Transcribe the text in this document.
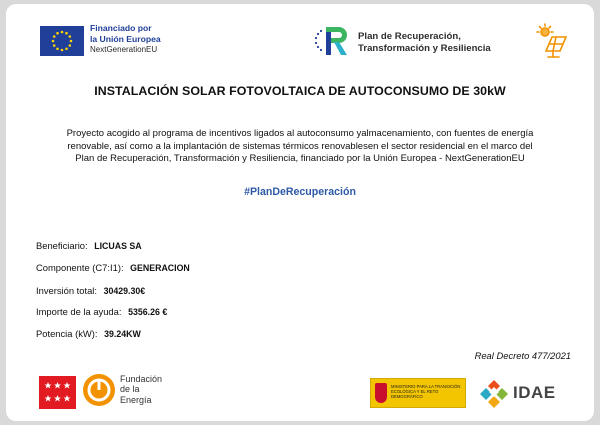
Financiado por
la Unión Europea
NextGenerationEU
Plan de Recuperación,
Transformación y Resiliencia
INSTALACIÓN SOLAR FOTOVOLTAICA DE AUTOCONSUMO DE 30kW
Proyecto acogido al programa de incentivos ligados al autoconsumo yalmacenamiento, con fuentes de energía
renovable, así como a la implantación de sistemas térmicos renovablesen el sector residencial en el marco del
Plan de Recuperación, Transformación y Resiliencia, financiado por la Unión Europea - NextGenerationEU
#PlanDeRecuperación
Beneficiario: LICUAS SA
Componente (C7:I1): GENERACION
Inversión total: 30429.30€
Importe de la ayuda: 5356.26 €
Potencia (kW): 39.24KW
Real Decreto 477/2021
Fundación
de la
Energía
MINISTERIO PARA LA TRANSICIÓN ECOLÓGICA Y EL RETO DEMOGRÁFICO	IDAE
